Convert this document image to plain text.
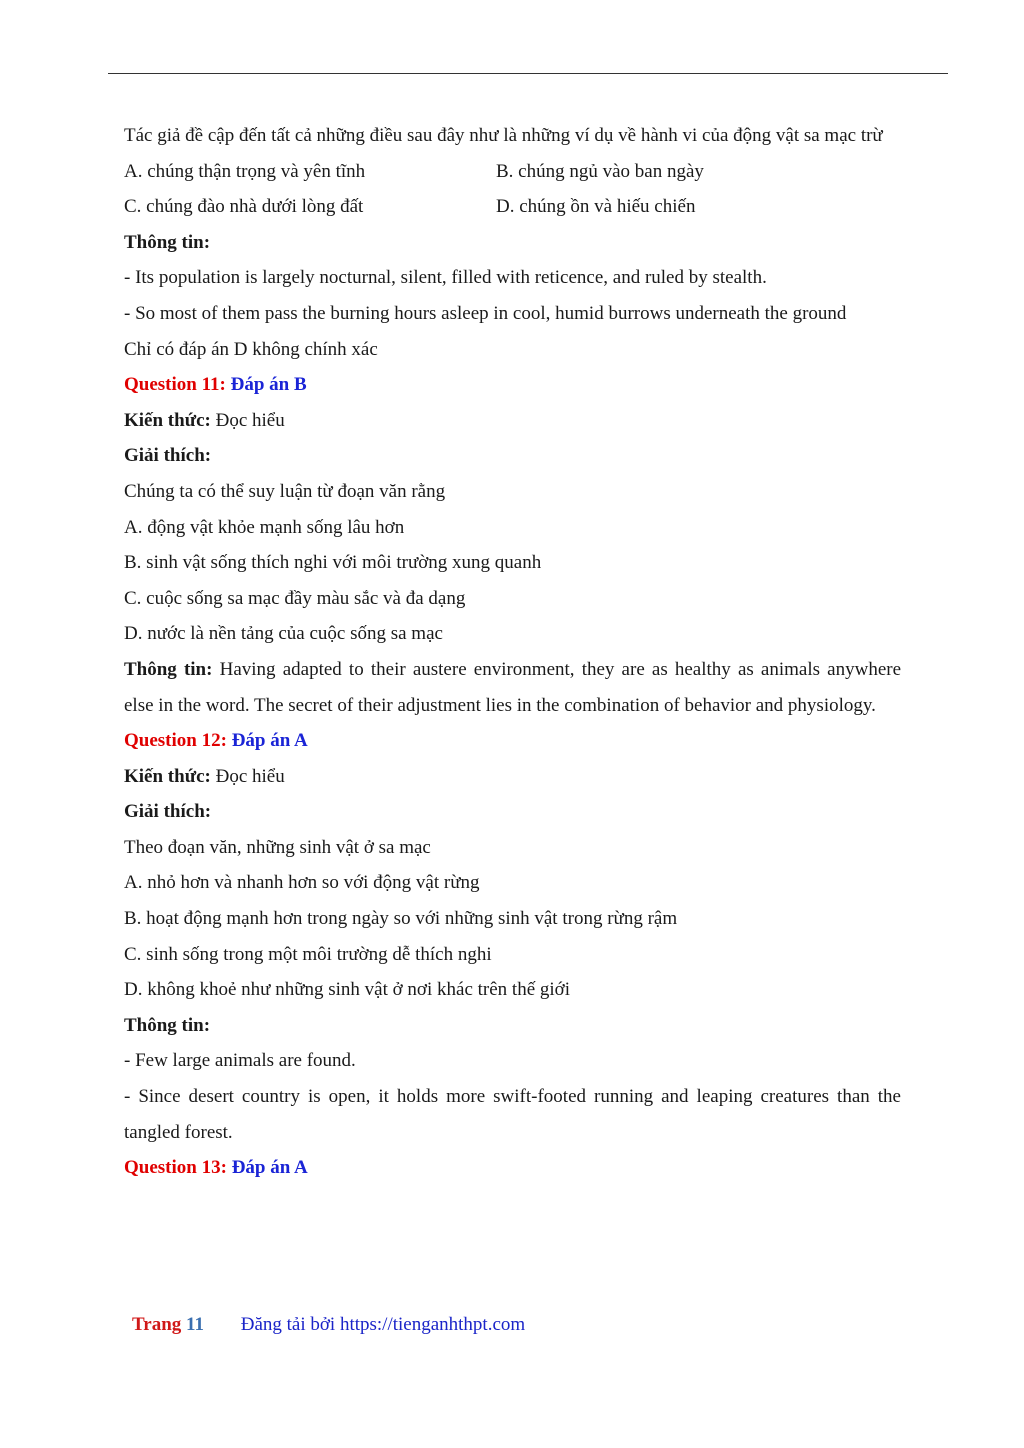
Tác giả đề cập đến tất cả những điều sau đây như là những ví dụ về hành vi của động vật sa mạc trừ
A. chúng thận trọng và yên tĩnh	B. chúng ngủ vào ban ngày
C. chúng đào nhà dưới lòng đất	D. chúng ồn và hiếu chiến
Thông tin:
- Its population is largely nocturnal, silent, filled with reticence, and ruled by stealth.
- So most of them pass the burning hours asleep in cool, humid burrows underneath the ground
Chỉ có đáp án D không chính xác
Question 11: Đáp án B
Kiến thức: Đọc hiểu
Giải thích:
Chúng ta có thể suy luận từ đoạn văn rằng
A. động vật khỏe mạnh sống lâu hơn
B. sinh vật sống thích nghi với môi trường xung quanh
C. cuộc sống sa mạc đầy màu sắc và đa dạng
D. nước là nền tảng của cuộc sống sa mạc
Thông tin: Having adapted to their austere environment, they are as healthy as animals anywhere else in the word. The secret of their adjustment lies in the combination of behavior and physiology.
Question 12: Đáp án A
Kiến thức: Đọc hiểu
Giải thích:
Theo đoạn văn, những sinh vật ở sa mạc
A. nhỏ hơn và nhanh hơn so với động vật rừng
B. hoạt động mạnh hơn trong ngày so với những sinh vật trong rừng rậm
C. sinh sống trong một môi trường dễ thích nghi
D. không khoẻ như những sinh vật ở nơi khác trên thế giới
Thông tin:
- Few large animals are found.
- Since desert country is open, it holds more swift-footed running and leaping creatures than the tangled forest.
Question 13: Đáp án A
Trang 11 Đăng tải bởi https://tienganhthpt.com
